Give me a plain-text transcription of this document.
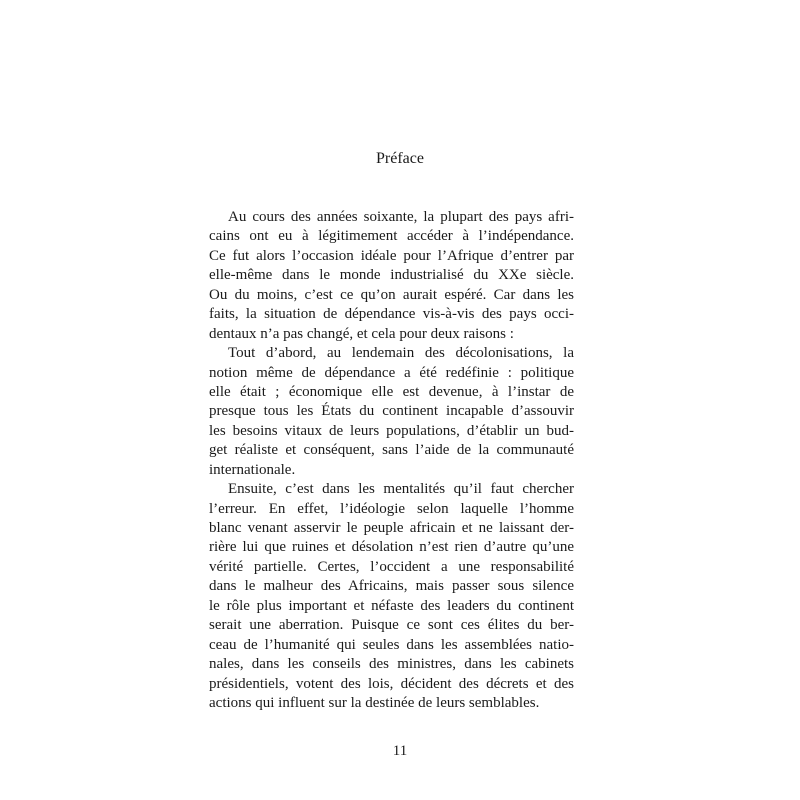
Préface
Au cours des années soixante, la plupart des pays afri-
cains ont eu à légitimement accéder à l’indépendance.
Ce fut alors l’occasion idéale pour l’Afrique d’entrer par
elle-même dans le monde industrialisé du XXe siècle.
Ou du moins, c’est ce qu’on aurait espéré. Car dans les
faits, la situation de dépendance vis-à-vis des pays occi-
dentaux n’a pas changé, et cela pour deux raisons :
Tout d’abord, au lendemain des décolonisations, la
notion même de dépendance a été redéfinie : politique
elle était ; économique elle est devenue, à l’instar de
presque tous les États du continent incapable d’assouvir
les besoins vitaux de leurs populations, d’établir un bud-
get réaliste et conséquent, sans l’aide de la communauté
internationale.
Ensuite, c’est dans les mentalités qu’il faut chercher
l’erreur. En effet, l’idéologie selon laquelle l’homme
blanc venant asservir le peuple africain et ne laissant der-
rière lui que ruines et désolation n’est rien d’autre qu’une
vérité partielle. Certes, l’occident a une responsabilité
dans le malheur des Africains, mais passer sous silence
le rôle plus important et néfaste des leaders du continent
serait une aberration. Puisque ce sont ces élites du ber-
ceau de l’humanité qui seules dans les assemblées natio-
nales, dans les conseils des ministres, dans les cabinets
présidentiels, votent des lois, décident des décrets et des
actions qui influent sur la destinée de leurs semblables.
11
